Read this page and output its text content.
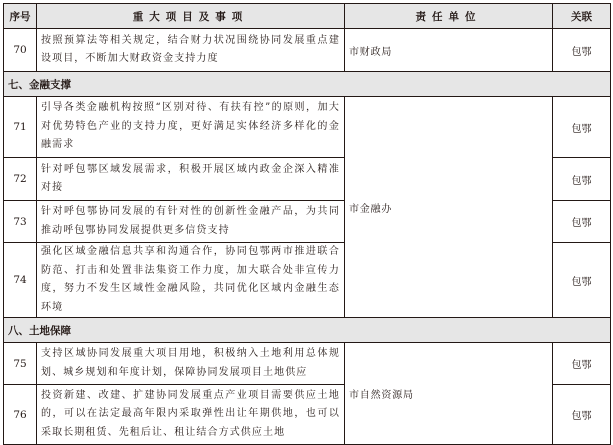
序号	重大项目及事项	责任单位	关联
70	按照预算法等相关规定，结合财力状况围绕协同发展重点建设项目，不断加大财政资金支持力度	市财政局	包鄂
七、金融支撑			
71	引导各类金融机构按照“区别对待、有扶有控”的原则，加大对优势特色产业的支持力度，更好满足实体经济多样化的金融需求	市金融办	包鄂
72	针对呼包鄂区域发展需求，积极开展区域内政金企深入精准对接		包鄂
73	针对呼包鄂协同发展的有针对性的创新性金融产品，为共同推动呼包鄂协同发展提供更多信贷支持		包鄂
74	强化区域金融信息共享和沟通合作，协同包鄂两市推进联合防范、打击和处置非法集资工作力度，加大联合处非宣传力度，努力不发生区域性金融风险，共同优化区域内金融生态环境		包鄂
八、土地保障			
75	支持区域协同发展重大项目用地，积极纳入土地利用总体规划、城乡规划和年度计划，保障协同发展项目土地供应	市自然资源局	包鄂
76	投资新建、改建、扩建协同发展重点产业项目需要供应土地的，可以在法定最高年限内采取弹性出让年期供地，也可以采取长期租赁、先租后让、租让结合方式供应土地		包鄂
